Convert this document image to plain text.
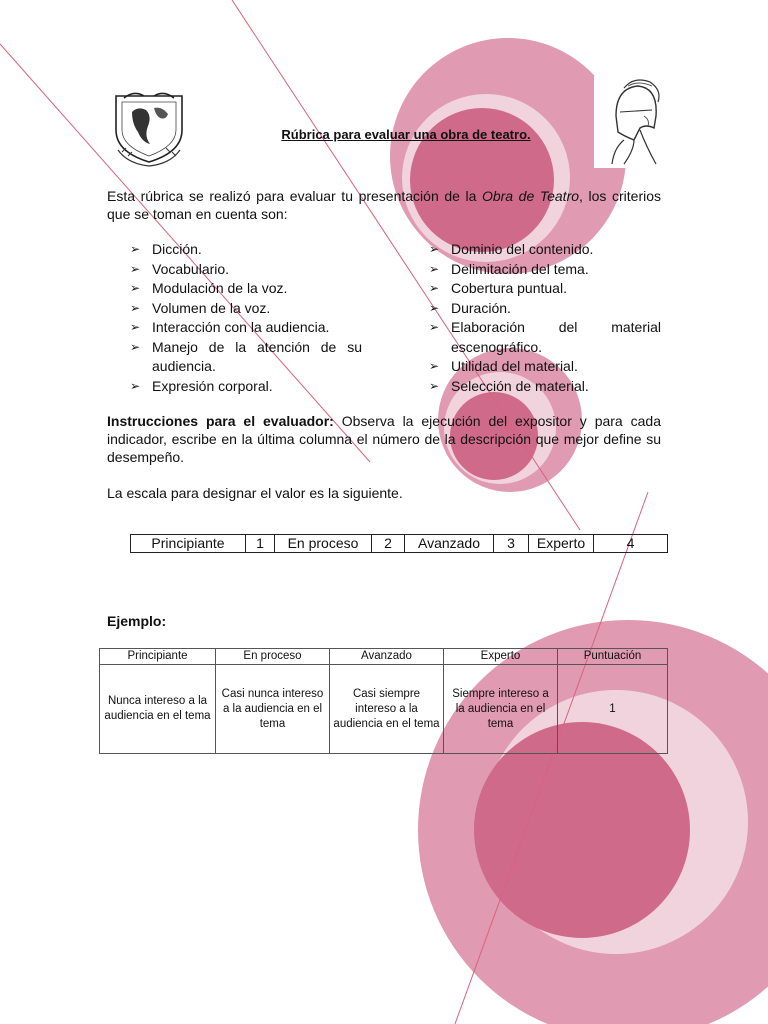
Rúbrica para evaluar una obra de teatro.

Esta rúbrica se realizó para evaluar tu presentación de la Obra de Teatro, los criterios que se toman en cuenta son:

➢ Dicción.
➢ Vocabulario.
➢ Modulación de la voz.
➢ Volumen de la voz.
➢ Interacción con la audiencia.
➢ Manejo de la atención de su audiencia.
➢ Expresión corporal.
➢ Dominio del contenido.
➢ Delimitación del tema.
➢ Cobertura puntual.
➢ Duración.
➢ Elaboración del material escenográfico.
➢ Utilidad del material.
➢ Selección de material.

Instrucciones para el evaluador: Observa la ejecución del expositor y para cada indicador, escribe en la última columna el número de la descripción que mejor define su desempeño.

La escala para designar el valor es la siguiente.

Principiante	1	En proceso	2	Avanzado	3	Experto	4
Ejemplo:
Principiante	En proceso	Avanzado	Experto	Puntuación
Nunca intereso a la audiencia en el tema	Casi nunca intereso a la audiencia en el tema	Casi siempre intereso a la audiencia en el tema	Siempre intereso a la audiencia en el tema	1
